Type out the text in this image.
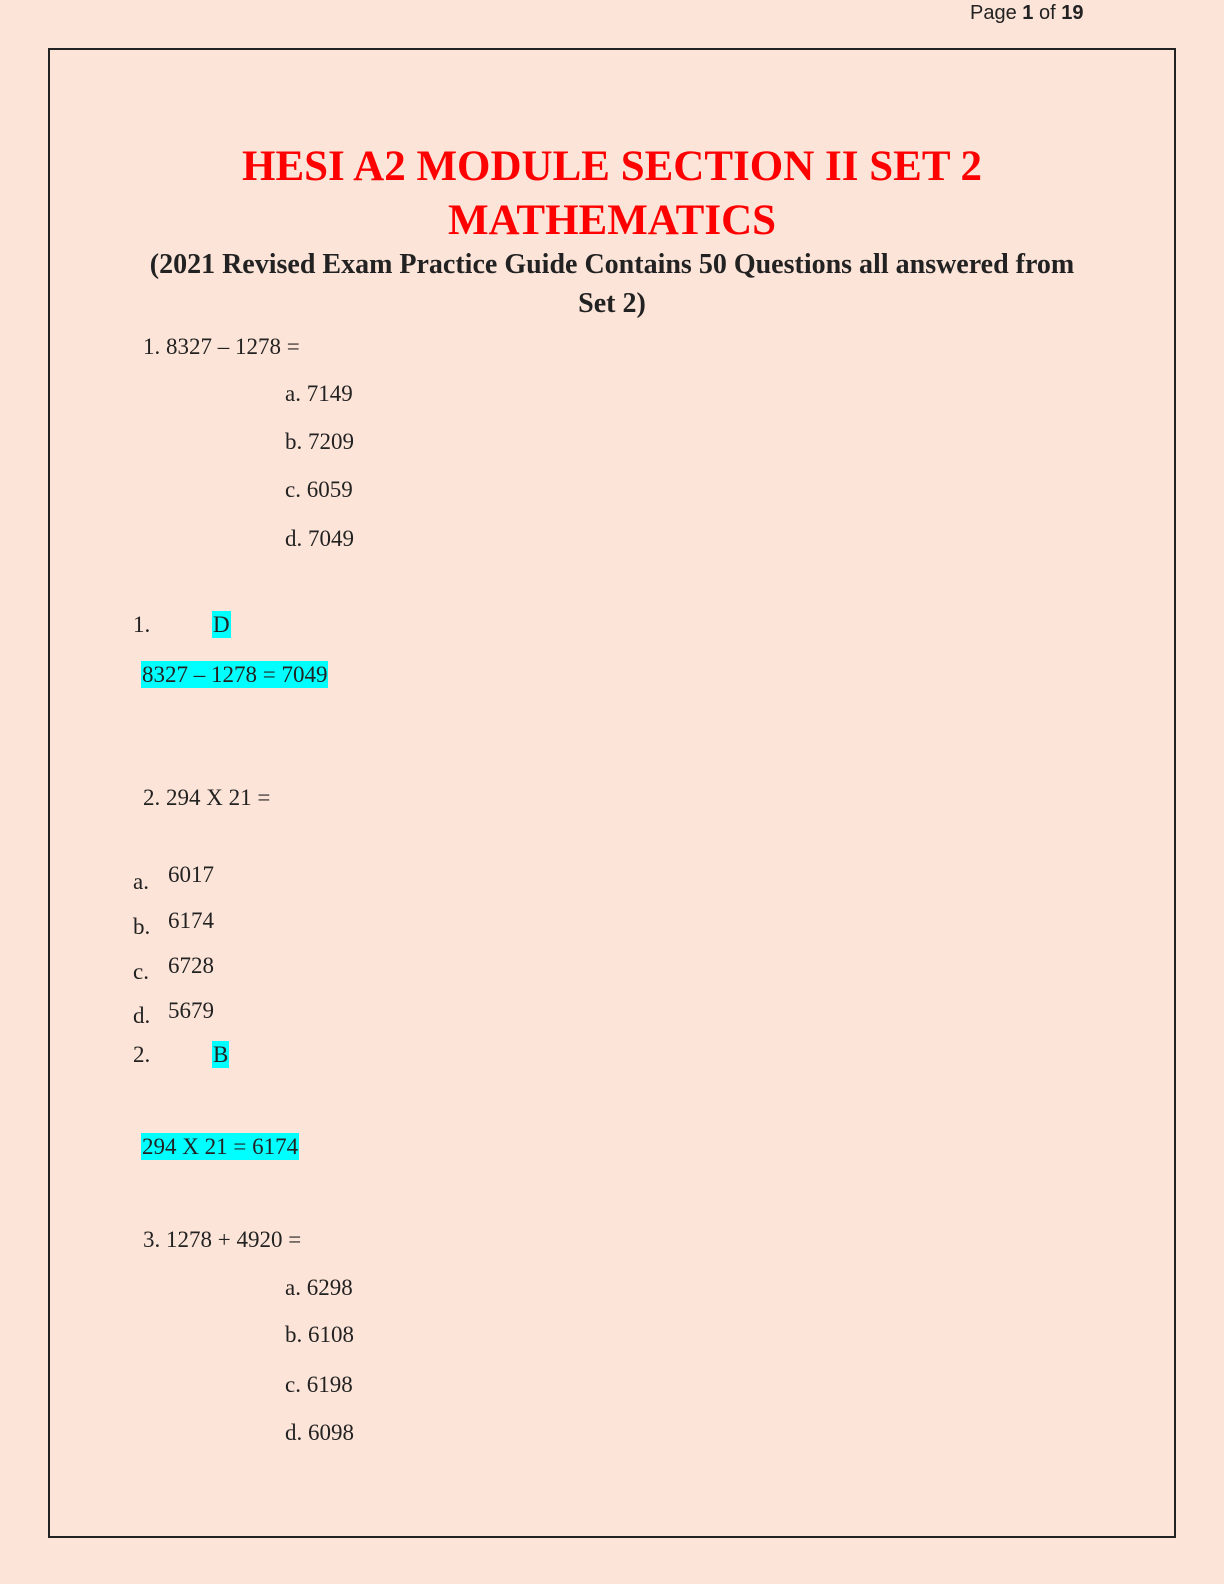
Page 1 of 19
HESI A2 MODULE SECTION II SET 2
MATHEMATICS
(2021 Revised Exam Practice Guide Contains 50 Questions all answered from
Set 2)
1. 8327 – 1278 =
a. 7149
b. 7209
c. 6059
d. 7049
1.	D
8327 – 1278 = 7049
2. 294 X 21 =
a. 6017
b. 6174
c. 6728
d. 5679
2.	B
294 X 21 = 6174
3. 1278 + 4920 =
a. 6298
b. 6108
c. 6198
d. 6098
